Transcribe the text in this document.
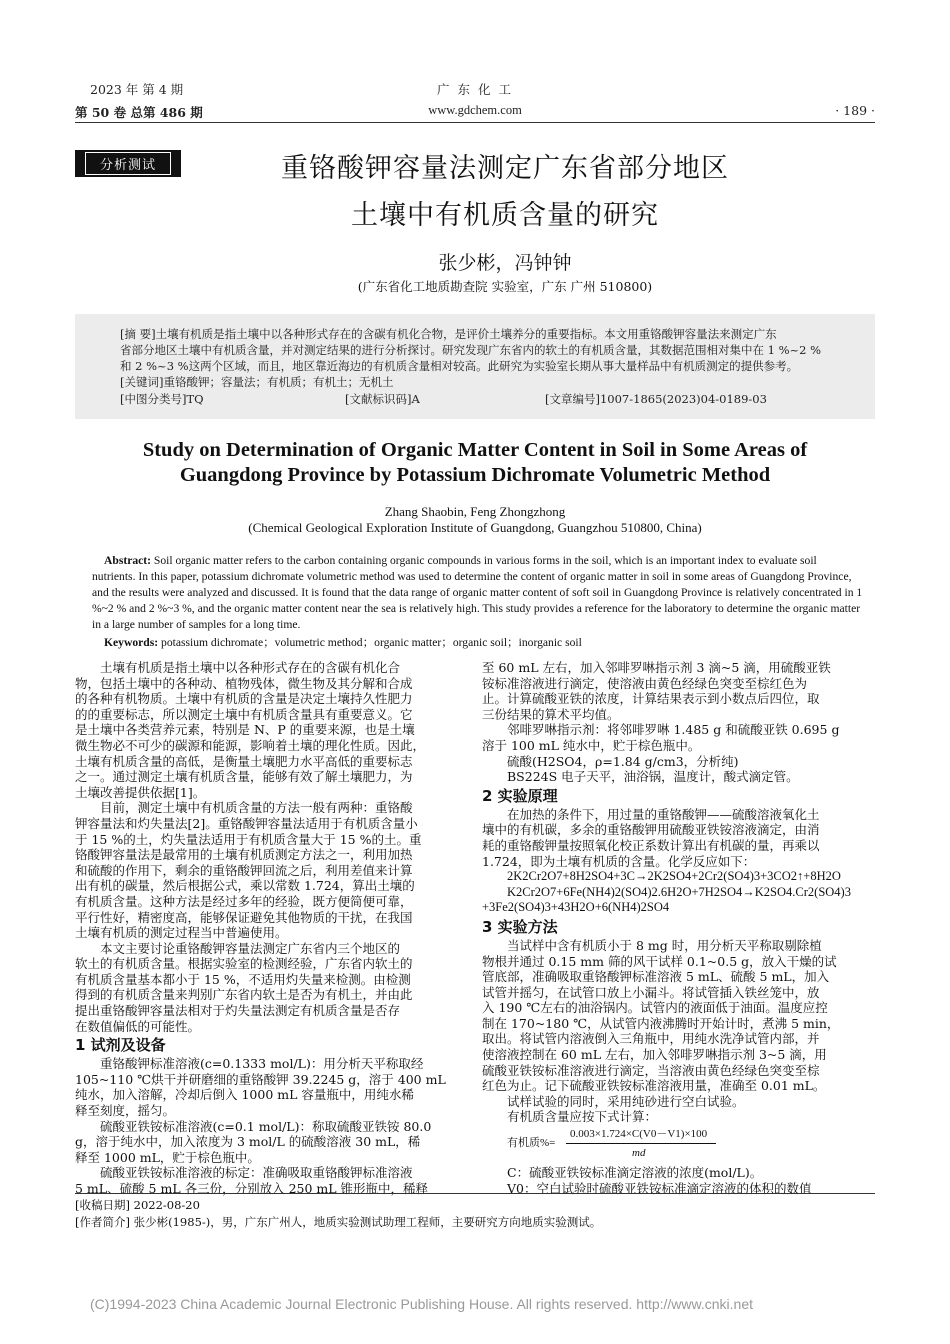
2023 年 第 4 期
第 50 卷 总第 486 期
广 东 化 工
www.gdchem.com	· 189 ·
分析测试	重铬酸钾容量法测定广东省部分地区
土壤中有机质含量的研究
张少彬，冯钟钟
(广东省化工地质勘查院 实验室，广东 广州 510800)
[摘 要]土壤有机质是指土壤中以各种形式存在的含碳有机化合物，是评价土壤养分的重要指标。本文用重铬酸钾容量法来测定广东
省部分地区土壤中有机质含量，并对测定结果的进行分析探讨。研究发现广东省内的软土的有机质含量，其数据范围相对集中在 1 %~2 %
和 2 %~3 %这两个区域，而且，地区靠近海边的有机质含量相对较高。此研究为实验室长期从事大量样品中有机质测定的提供参考。
[关键词]重铬酸钾；容量法；有机质；有机土；无机土
[中图分类号]TQ	[文献标识码]A	[文章编号]1007-1865(2023)04-0189-03
Study on Determination of Organic Matter Content in Soil in Some Areas of
Guangdong Province by Potassium Dichromate Volumetric Method
Zhang Shaobin, Feng Zhongzhong
(Chemical Geological Exploration Institute of Guangdong, Guangzhou 510800, China)
Abstract: Soil organic matter refers to the carbon containing organic compounds in various forms in the soil, which is an important index to evaluate soil
nutrients. In this paper, potassium dichromate volumetric method was used to determine the content of organic matter in soil in some areas of Guangdong Province,
and the results were analyzed and discussed. It is found that the data range of organic matter content of soft soil in Guangdong Province is relatively concentrated in 1
%~2 % and 2 %~3 %, and the organic matter content near the sea is relatively high. This study provides a reference for the laboratory to determine the organic matter
in a large number of samples for a long time.
Keywords: potassium dichromate；volumetric method；organic matter；organic soil；inorganic soil
土壤有机质是指土壤中以各种形式存在的含碳有机化合
物，包括土壤中的各种动、植物残体，微生物及其分解和合成
的各种有机物质。土壤中有机质的含量是决定土壤持久性肥力
的的重要标志，所以测定土壤中有机质含量具有重要意义。它
是土壤中各类营养元素，特别是 N、P 的重要来源，也是土壤
微生物必不可少的碳源和能源，影响着土壤的理化性质。因此，
土壤有机质含量的高低，是衡量土壤肥力水平高低的重要标志
之一。通过测定土壤有机质含量，能够有效了解土壤肥力，为
土壤改善提供依据[1]。
目前，测定土壤中有机质含量的方法一般有两种：重铬酸
钾容量法和灼失量法[2]。重铬酸钾容量法适用于有机质含量小
于 15 %的土，灼失量法适用于有机质含量大于 15 %的土。重
铬酸钾容量法是最常用的土壤有机质测定方法之一，利用加热
和硫酸的作用下，剩余的重铬酸钾回流之后，利用差值来计算
出有机的碳量，然后根据公式，乘以常数 1.724，算出土壤的
有机质含量。这种方法是经过多年的经验，既方便简便可靠，
平行性好，精密度高，能够保证避免其他物质的干扰，在我国
土壤有机质的测定过程当中普遍使用。
本文主要讨论重铬酸钾容量法测定广东省内三个地区的
软土的有机质含量。根据实验室的检测经验，广东省内软土的
有机质含量基本都小于 15 %，不适用灼失量来检测。由检测
得到的有机质含量来判别广东省内软土是否为有机土，并由此
提出重铬酸钾容量法相对于灼失量法测定有机质含量是否存
在数值偏低的可能性。
1 试剂及设备
重铬酸钾标准溶液(c=0.1333 mol/L)：用分析天平称取经
105~110 ℃烘干并研磨细的重铬酸钾 39.2245 g，溶于 400 mL
纯水，加入溶解，冷却后倒入 1000 mL 容量瓶中，用纯水稀
释至刻度，摇匀。
硫酸亚铁铵标准溶液(c=0.1 mol/L)：称取硫酸亚铁铵 80.0
g，溶于纯水中，加入浓度为 3 mol/L 的硫酸溶液 30 mL，稀
释至 1000 mL，贮于棕色瓶中。
硫酸亚铁铵标准溶液的标定：准确吸取重铬酸钾标准溶液
5 mL、硫酸 5 mL 各三份，分别放入 250 mL 锥形瓶中，稀释
至 60 mL 左右，加入邻啡罗啉指示剂 3 滴~5 滴，用硫酸亚铁
铵标准溶液进行滴定，使溶液由黄色经绿色突变至棕红色为
止。计算硫酸亚铁的浓度，计算结果表示到小数点后四位，取
三份结果的算术平均值。
邻啡罗啉指示剂：将邻啡罗啉 1.485 g 和硫酸亚铁 0.695 g
溶于 100 mL 纯水中，贮于棕色瓶中。
硫酸(H2SO4，ρ=1.84 g/cm3，分析纯)
BS224S 电子天平，油浴锅，温度计，酸式滴定管。
2 实验原理
在加热的条件下，用过量的重铬酸钾——硫酸溶液氧化土
壤中的有机碳，多余的重铬酸钾用硫酸亚铁铵溶液滴定，由消
耗的重铬酸钾量按照氧化校正系数计算出有机碳的量，再乘以
1.724，即为土壤有机质的含量。化学反应如下：
2K2Cr2O7+8H2SO4+3C→2K2SO4+2Cr2(SO4)3+3CO2↑+8H2O
K2Cr2O7+6Fe(NH4)2(SO4)2.6H2O+7H2SO4→K2SO4.Cr2(SO4)3
+3Fe2(SO4)3+43H2O+6(NH4)2SO4
3 实验方法
当试样中含有机质小于 8 mg 时，用分析天平称取剔除植
物根并通过 0.15 mm 筛的风干试样 0.1~0.5 g，放入干燥的试
管底部，准确吸取重铬酸钾标准溶液 5 mL、硫酸 5 mL，加入
试管并摇匀，在试管口放上小漏斗。将试管插入铁丝笼中，放
入 190 ℃左右的油浴锅内。试管内的液面低于油面。温度应控
制在 170~180 ℃，从试管内液沸腾时开始计时，煮沸 5 min，
取出。将试管内溶液倒入三角瓶中，用纯水洗净试管内部，并
使溶液控制在 60 mL 左右，加入邻啡罗啉指示剂 3~5 滴，用
硫酸亚铁铵标准溶液进行滴定，当溶液由黄色经绿色突变至棕
红色为止。记下硫酸亚铁铵标准溶液用量，准确至 0.01 mL。
试样试验的同时，采用纯砂进行空白试验。
有机质含量应按下式计算：
有机质%=
0.003×1.724×C(V0－V1)×100
md
C：硫酸亚铁铵标准滴定溶液的浓度(mol/L)。
V0：空白试验时硫酸亚铁铵标准滴定溶液的体积的数值
[收稿日期] 2022-08-20
[作者简介] 张少彬(1985-)，男，广东广州人，地质实验测试助理工程师，主要研究方向地质实验测试。
(C)1994-2023 China Academic Journal Electronic Publishing House. All rights reserved. http://www.cnki.net
